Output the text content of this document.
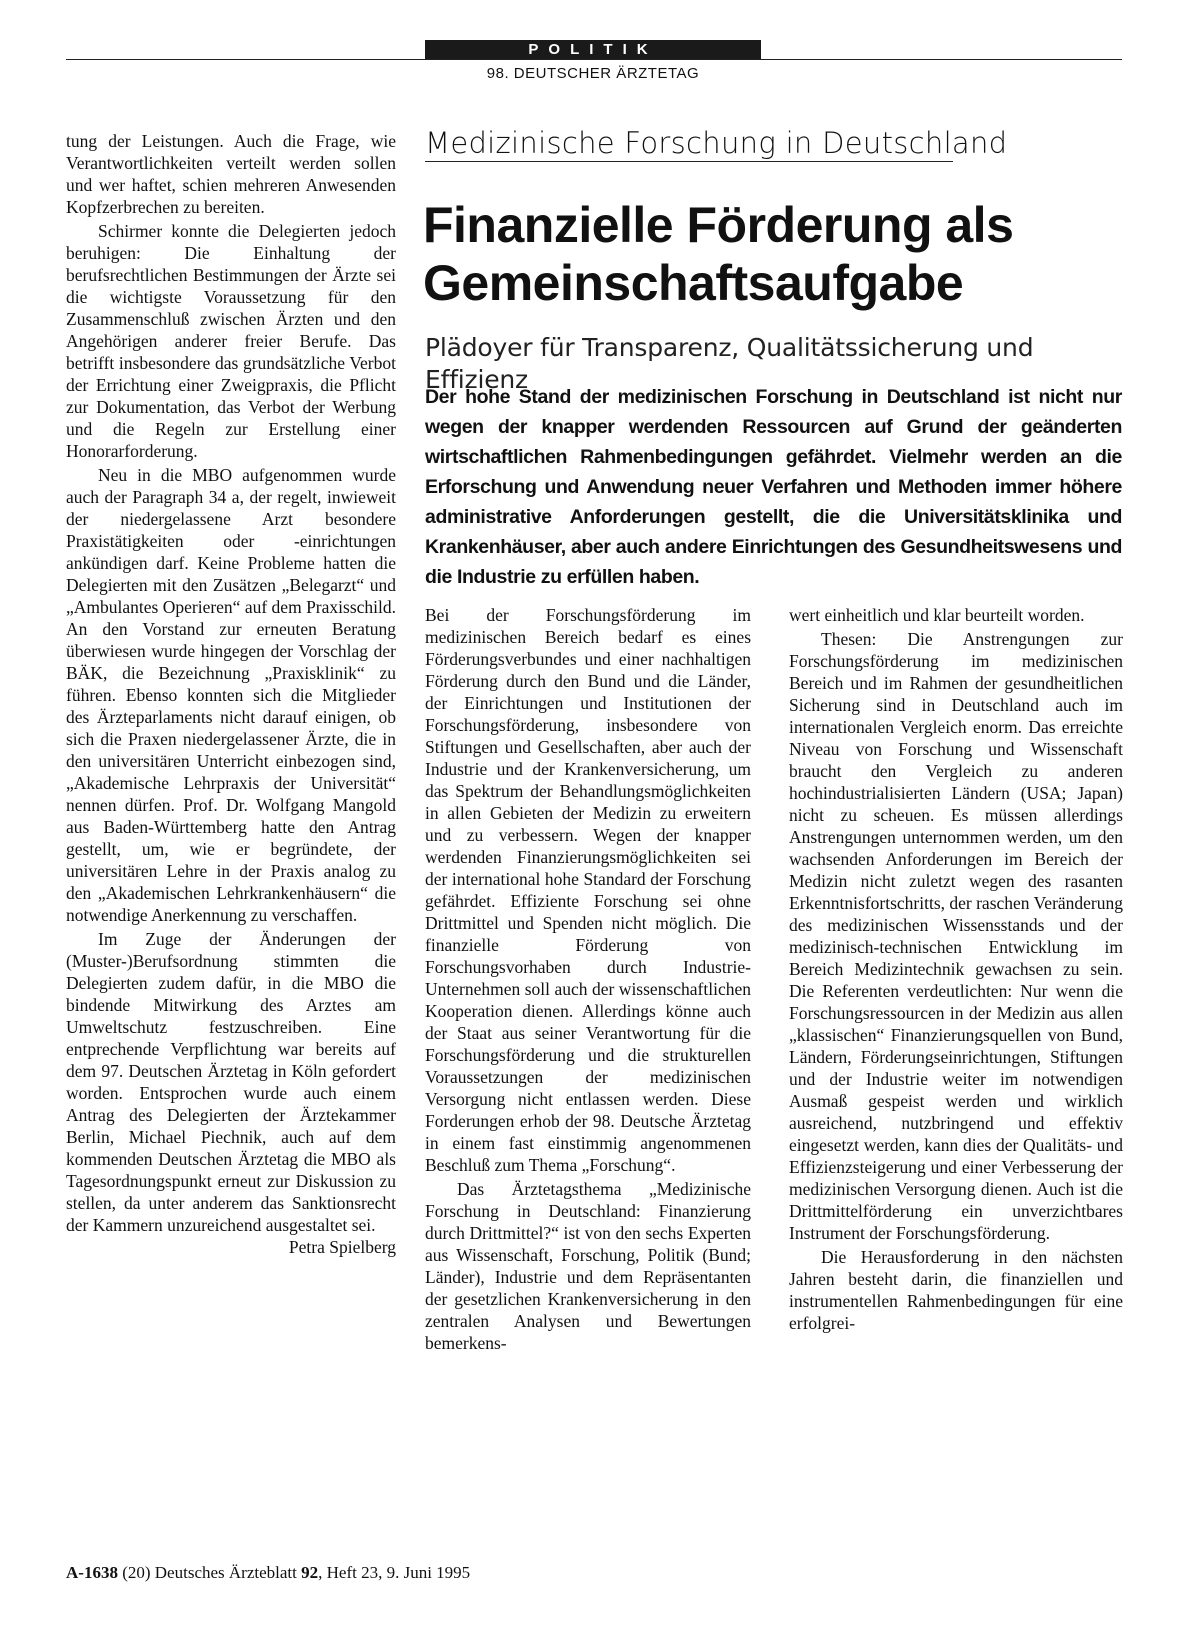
POLITIK
98. DEUTSCHER ÄRZTETAG
Medizinische Forschung in Deutschland
Finanzielle Förderung als
Gemeinschaftsaufgabe
Plädoyer für Transparenz, Qualitätssicherung und Effizienz
Der hohe Stand der medizinischen Forschung in Deutschland ist nicht nur wegen der knapper werdenden Ressourcen auf Grund der geänderten wirtschaftlichen Rahmenbedingungen gefährdet. Vielmehr werden an die Erforschung und Anwendung neuer Verfahren und Methoden immer höhere administrative Anforderungen gestellt, die die Universitätsklinika und Krankenhäuser, aber auch andere Einrichtungen des Gesundheitswesens und die Industrie zu erfüllen haben.

tung der Leistungen. Auch die Frage, wie Verantwortlichkeiten verteilt werden sollen und wer haftet, schien mehreren Anwesenden Kopfzerbrechen zu bereiten.

Schirmer konnte die Delegierten jedoch beruhigen: Die Einhaltung der berufsrechtlichen Bestimmungen der Ärzte sei die wichtigste Voraussetzung für den Zusammenschluß zwischen Ärzten und den Angehörigen anderer freier Berufe. Das betrifft insbesondere das grundsätzliche Verbot der Errichtung einer Zweigpraxis, die Pflicht zur Dokumentation, das Verbot der Werbung und die Regeln zur Erstellung einer Honorarforderung.

Neu in die MBO aufgenommen wurde auch der Paragraph 34 a, der regelt, inwieweit der niedergelassene Arzt besondere Praxistätigkeiten oder -einrichtungen ankündigen darf. Keine Probleme hatten die Delegierten mit den Zusätzen „Belegarzt“ und „Ambulantes Operieren“ auf dem Praxisschild. An den Vorstand zur erneuten Beratung überwiesen wurde hingegen der Vorschlag der BÄK, die Bezeichnung „Praxisklinik“ zu führen. Ebenso konnten sich die Mitglieder des Ärzteparlaments nicht darauf einigen, ob sich die Praxen niedergelassener Ärzte, die in den universitären Unterricht einbezogen sind, „Akademische Lehrpraxis der Universität“ nennen dürfen. Prof. Dr. Wolfgang Mangold aus Baden-Württemberg hatte den Antrag gestellt, um, wie er begründete, der universitären Lehre in der Praxis analog zu den „Akademischen Lehrkrankenhäusern“ die notwendige Anerkennung zu verschaffen.

Im Zuge der Änderungen der (Muster-)Berufsordnung stimmten die Delegierten zudem dafür, in die MBO die bindende Mitwirkung des Arztes am Umweltschutz festzuschreiben. Eine entprechende Verpflichtung war bereits auf dem 97. Deutschen Ärztetag in Köln gefordert worden. Entsprochen wurde auch einem Antrag des Delegierten der Ärztekammer Berlin, Michael Piechnik, auch auf dem kommenden Deutschen Ärztetag die MBO als Tagesordnungspunkt erneut zur Diskussion zu stellen, da unter anderem das Sanktionsrecht der Kammern unzureichend ausgestaltet sei.
Petra Spielberg

Bei der Forschungsförderung im medizinischen Bereich bedarf es eines Förderungsverbundes und einer nachhaltigen Förderung durch den Bund und die Länder, der Einrichtungen und Institutionen der Forschungsförderung, insbesondere von Stiftungen und Gesellschaften, aber auch der Industrie und der Krankenversicherung, um das Spektrum der Behandlungsmöglichkeiten in allen Gebieten der Medizin zu erweitern und zu verbessern. Wegen der knapper werdenden Finanzierungsmöglichkeiten sei der international hohe Standard der Forschung gefährdet. Effiziente Forschung sei ohne Drittmittel und Spenden nicht möglich. Die finanzielle Förderung von Forschungsvorhaben durch Industrie-Unternehmen soll auch der wissenschaftlichen Kooperation dienen. Allerdings könne auch der Staat aus seiner Verantwortung für die Forschungsförderung und die strukturellen Voraussetzungen der medizinischen Versorgung nicht entlassen werden. Diese Forderungen erhob der 98. Deutsche Ärztetag in einem fast einstimmig angenommenen Beschluß zum Thema „Forschung“.

Das Ärztetagsthema „Medizinische Forschung in Deutschland: Finanzierung durch Drittmittel?“ ist von den sechs Experten aus Wissenschaft, Forschung, Politik (Bund; Länder), Industrie und dem Repräsentanten der gesetzlichen Krankenversicherung in den zentralen Analysen und Bewertungen bemerkens-

wert einheitlich und klar beurteilt worden.

Thesen: Die Anstrengungen zur Forschungsförderung im medizinischen Bereich und im Rahmen der gesundheitlichen Sicherung sind in Deutschland auch im internationalen Vergleich enorm. Das erreichte Niveau von Forschung und Wissenschaft braucht den Vergleich zu anderen hochindustrialisierten Ländern (USA; Japan) nicht zu scheuen. Es müssen allerdings Anstrengungen unternommen werden, um den wachsenden Anforderungen im Bereich der Medizin nicht zuletzt wegen des rasanten Erkenntnisfortschritts, der raschen Veränderung des medizinischen Wissensstands und der medizinisch-technischen Entwicklung im Bereich Medizintechnik gewachsen zu sein. Die Referenten verdeutlichten: Nur wenn die Forschungsressourcen in der Medizin aus allen „klassischen“ Finanzierungsquellen von Bund, Ländern, Förderungseinrichtungen, Stiftungen und der Industrie weiter im notwendigen Ausmaß gespeist werden und wirklich ausreichend, nutzbringend und effektiv eingesetzt werden, kann dies der Qualitäts- und Effizienzsteigerung und einer Verbesserung der medizinischen Versorgung dienen. Auch ist die Drittmittelförderung ein unverzichtbares Instrument der Forschungsförderung.

Die Herausforderung in den nächsten Jahren besteht darin, die finanziellen und instrumentellen Rahmenbedingungen für eine erfolgrei-

A-1638 (20) Deutsches Ärzteblatt 92, Heft 23, 9. Juni 1995
